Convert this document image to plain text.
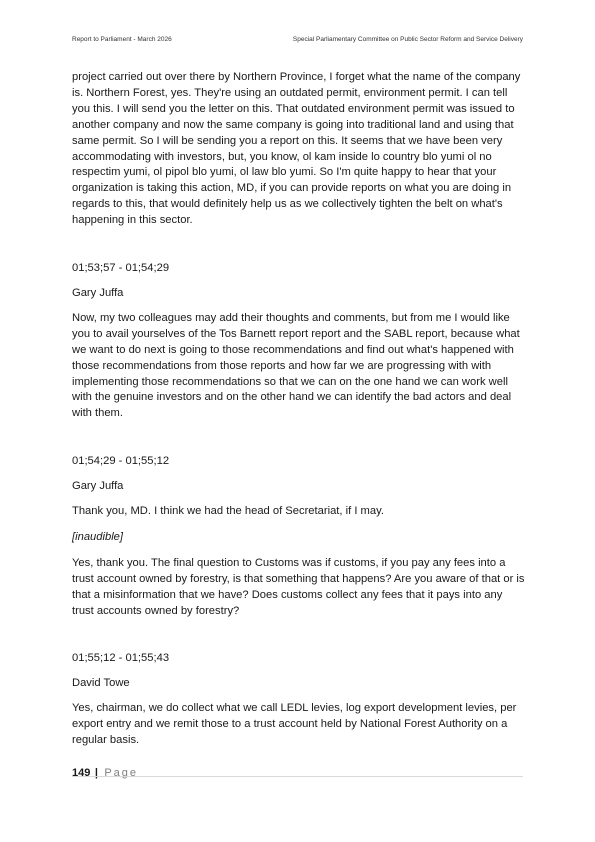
Report to Parliament - March 2026	Special Parliamentary Committee on Public Sector Reform and Service Delivery

project carried out over there by Northern Province, I forget what the name of the company is. Northern Forest, yes. They're using an outdated permit, environment permit. I can tell you this. I will send you the letter on this. That outdated environment permit was issued to another company and now the same company is going into traditional land and using that same permit. So I will be sending you a report on this. It seems that we have been very accommodating with investors, but, you know, ol kam inside lo country blo yumi ol no respectim yumi, ol pipol blo yumi, ol law blo yumi. So I'm quite happy to hear that your organization is taking this action, MD, if you can provide reports on what you are doing in regards to this, that would definitely help us as we collectively tighten the belt on what's happening in this sector.

01;53;57 - 01;54;29

Gary Juffa

Now, my two colleagues may add their thoughts and comments, but from me I would like you to avail yourselves of the Tos Barnett report report and the SABL report, because what we want to do next is going to those recommendations and find out what's happened with those recommendations from those reports and how far we are progressing with with implementing those recommendations so that we can on the one hand we can work well with the genuine investors and on the other hand we can identify the bad actors and deal with them.

01;54;29 - 01;55;12

Gary Juffa

Thank you, MD. I think we had the head of Secretariat, if I may.

[inaudible]

Yes, thank you. The final question to Customs was if customs, if you pay any fees into a trust account owned by forestry, is that something that happens? Are you aware of that or is that a misinformation that we have? Does customs collect any fees that it pays into any trust accounts owned by forestry?

01;55;12 - 01;55;43

David Towe

Yes, chairman, we do collect what we call LEDL levies, log export development levies, per export entry and we remit those to a trust account held by National Forest Authority on a regular basis.

149 | Page
